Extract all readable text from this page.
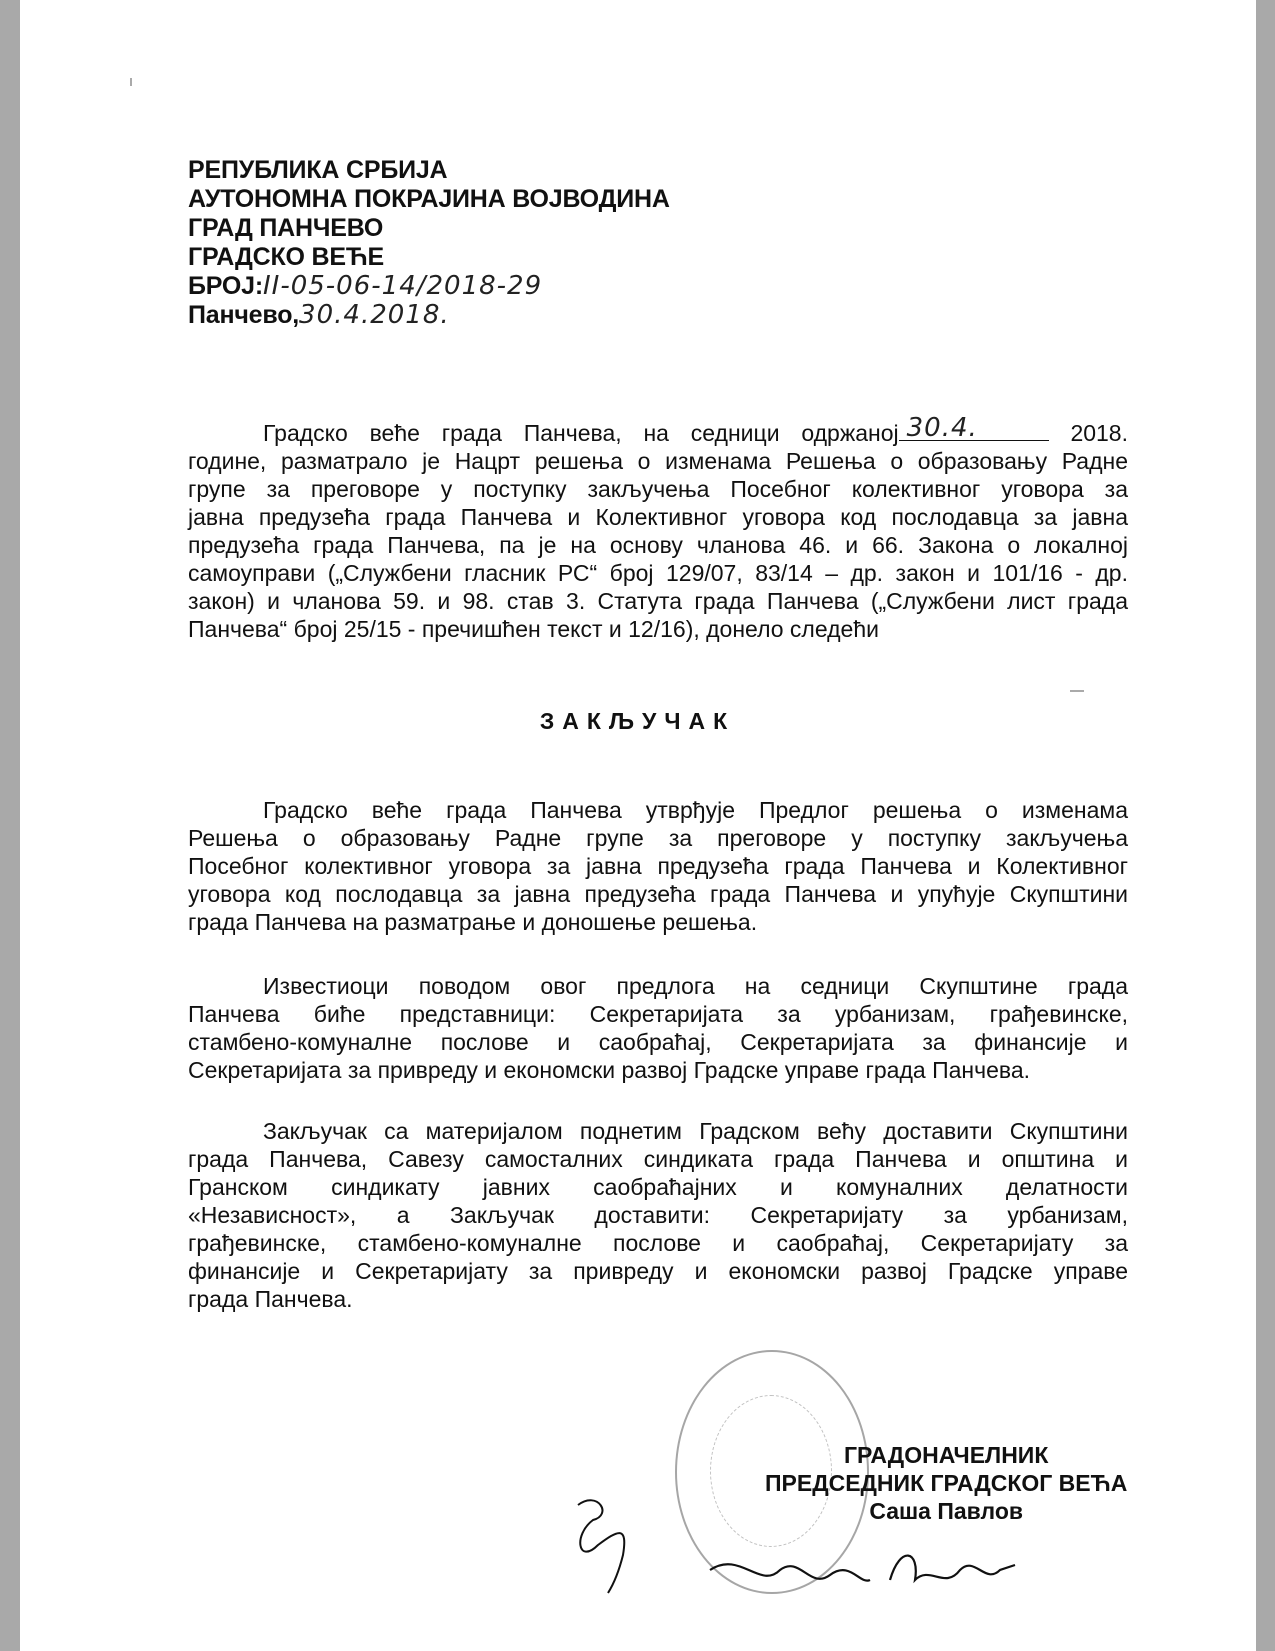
РЕПУБЛИКА СРБИЈА
АУТОНОМНА ПОКРАЈИНА ВОЈВОДИНА
ГРАД ПАНЧЕВО
ГРАДСКО ВЕЋЕ
БРОЈ:II-05-06-14/2018-29
Панчево,30.4.2018.
Градско веће града Панчева, на седници одржаној 30.4.	2018.
године, разматрало је Нацрт решења о изменама Решења о образовању Радне
групе за преговоре у поступку закључења Посебног колективног уговора за
јавна предузећа града Панчева и Колективног уговора код послодавца за јавна
предузећа града Панчева, па је на основу чланова 46. и 66. Закона о локалној
самоуправи („Службени гласник РС“ број 129/07, 83/14 – др. закон и 101/16 - др.
закон) и чланова 59. и 98. став 3. Статута града Панчева („Службени лист града
Панчева“ број 25/15 - пречишћен текст и 12/16), донело следећи
ЗАКЉУЧАК
Градско веће града Панчева утврђује Предлог решења о изменама
Решења о образовању Радне групе за преговоре у поступку закључења
Посебног колективног уговора за јавна предузећа града Панчева и Колективног
уговора код послодавца за јавна предузећа града Панчева и упућује Скупштини
града Панчева на разматрање и доношење решења.
Известиоци поводом овог предлога на седници Скупштине града
Панчева биће представници: Секретаријата за урбанизам, грађевинске,
стамбено-комуналне послове и саобраћај, Секретаријата за финансије и
Секретаријата за привреду и економски развој Градске управе града Панчева.
Закључак са материјалом поднетим Градском већу доставити Скупштини
града Панчева, Савезу самосталних синдиката града Панчева и општина и
Гранском синдикату јавних саобраћајних и комуналних делатности
«Независност», а Закључак доставити: Секретаријату за урбанизам,
грађевинске, стамбено-комуналне послове и саобраћај, Секретаријату за
финансије и Секретаријату за привреду и економски развој Градске управе
града Панчева.
ГРАДОНАЧЕЛНИК
ПРЕДСЕДНИК ГРАДСКОГ ВЕЋА
Саша Павлов
